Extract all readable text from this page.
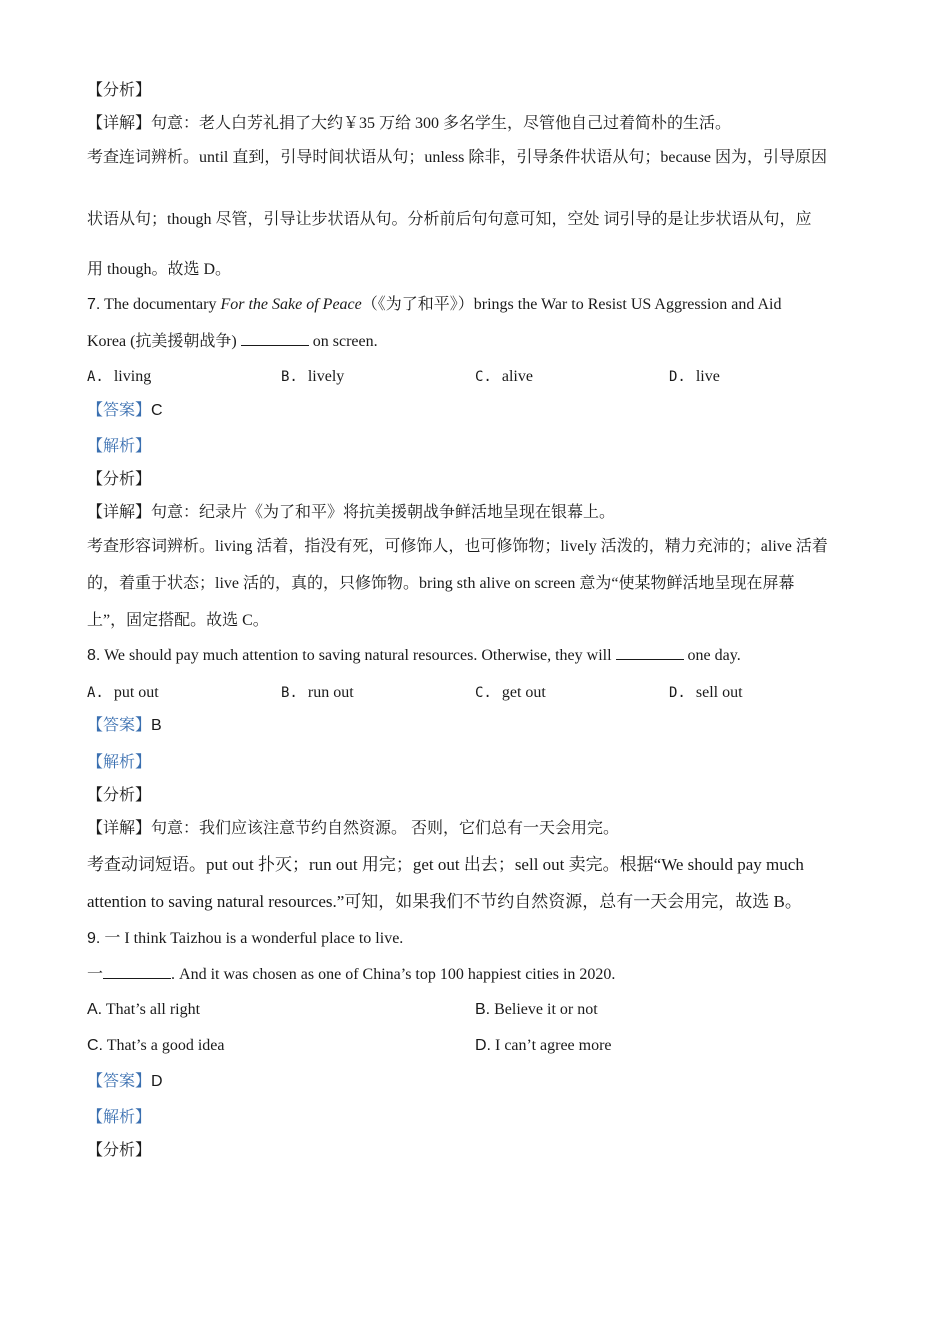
【分析】
【详解】句意：老人白芳礼捐了大约￥35 万给 300 多名学生，尽管他自己过着简朴的生活。
考查连词辨析。until 直到，引导时间状语从句；unless 除非，引导条件状语从句；because 因为，引导原因
状语从句；though 尽管，引导让步状语从句。分析前后句句意可知，空处 词引导的是让步状语从句，应
用 though。故选 D。
7. The documentary For the Sake of Peace（《为了和平》）brings the War to Resist US Aggression and Aid
Korea (抗美援朝战争)	on screen.
A. living	B. lively	C. alive	D. live
【答案】C
【解析】
【分析】
【详解】句意：纪录片《为了和平》将抗美援朝战争鲜活地呈现在银幕上。
考查形容词辨析。living 活着，指没有死，可修饰人，也可修饰物；lively 活泼的，精力充沛的；alive 活着
的，着重于状态；live 活的，真的，只修饰物。bring sth alive on screen 意为“使某物鲜活地呈现在屏幕
上”，固定搭配。故选 C。
8. We should pay much attention to saving natural resources. Otherwise, they will	one day.
A. put out	B. run out	C. get out	D. sell out
【答案】B
【解析】
【分析】
【详解】句意：我们应该注意节约自然资源。 否则，它们总有一天会用完。
考查动词短语。put out 扑灭；run out 用完；get out 出去；sell out 卖完。根据“We should pay much
attention to saving natural resources.”可知，如果我们不节约自然资源，总有一天会用完，故选 B。
9. 一 I think Taizhou is a wonderful place to live.
一	. And it was chosen as one of China’s top 100 happiest cities in 2020.
A. That’s all right	B. Believe it or not
C. That’s a good idea	D. I can’t agree more
【答案】D
【解析】
【分析】
